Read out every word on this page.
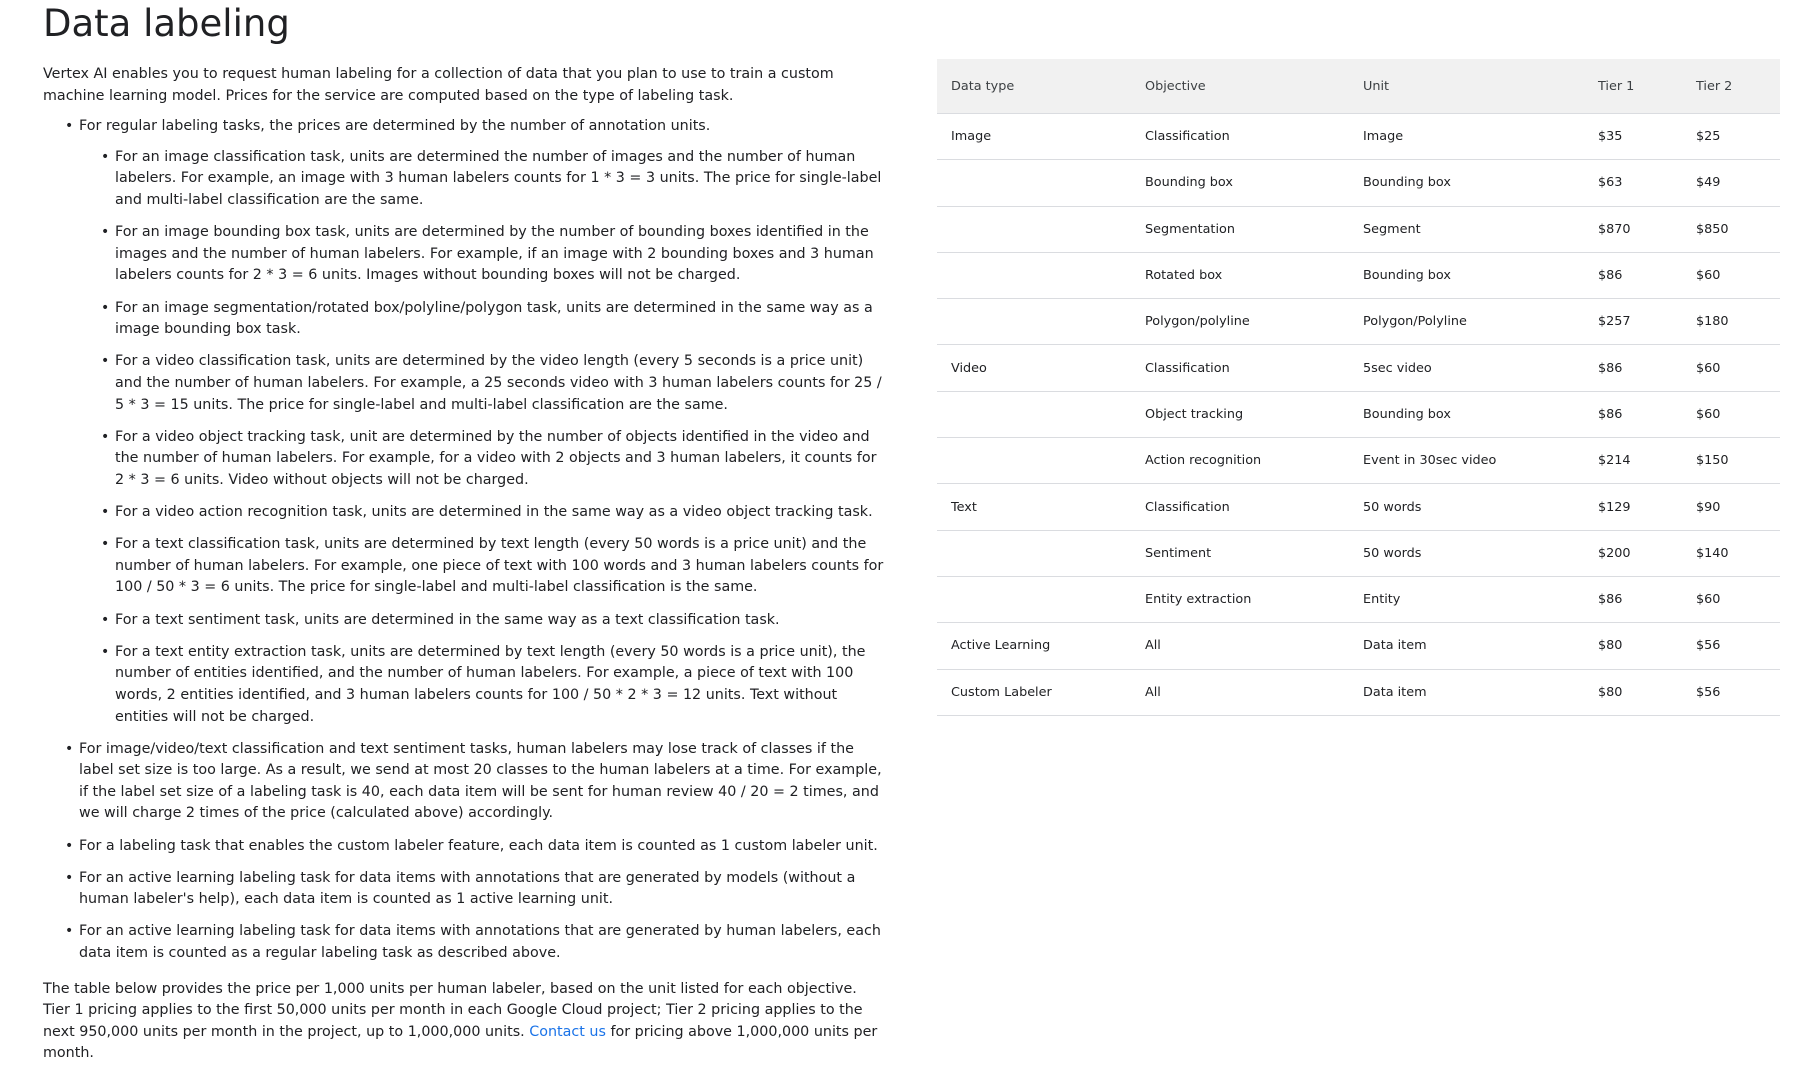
Data labeling

Vertex AI enables you to request human labeling for a collection of data that you plan to use to train a custom machine learning model. Prices for the service are computed based on the type of labeling task.

• For regular labeling tasks, the prices are determined by the number of annotation units.
• For an image classification task, units are determined the number of images and the number of human labelers. For example, an image with 3 human labelers counts for 1 * 3 = 3 units. The price for single-label and multi-label classification are the same.
• For an image bounding box task, units are determined by the number of bounding boxes identified in the images and the number of human labelers. For example, if an image with 2 bounding boxes and 3 human labelers counts for 2 * 3 = 6 units. Images without bounding boxes will not be charged.
• For an image segmentation/rotated box/polyline/polygon task, units are determined in the same way as a image bounding box task.
• For a video classification task, units are determined by the video length (every 5 seconds is a price unit) and the number of human labelers. For example, a 25 seconds video with 3 human labelers counts for 25 / 5 * 3 = 15 units. The price for single-label and multi-label classification are the same.
• For a video object tracking task, unit are determined by the number of objects identified in the video and the number of human labelers. For example, for a video with 2 objects and 3 human labelers, it counts for 2 * 3 = 6 units. Video without objects will not be charged.
• For a video action recognition task, units are determined in the same way as a video object tracking task.
• For a text classification task, units are determined by text length (every 50 words is a price unit) and the number of human labelers. For example, one piece of text with 100 words and 3 human labelers counts for 100 / 50 * 3 = 6 units. The price for single-label and multi-label classification is the same.
• For a text sentiment task, units are determined in the same way as a text classification task.
• For a text entity extraction task, units are determined by text length (every 50 words is a price unit), the number of entities identified, and the number of human labelers. For example, a piece of text with 100 words, 2 entities identified, and 3 human labelers counts for 100 / 50 * 2 * 3 = 12 units. Text without entities will not be charged.
• For image/video/text classification and text sentiment tasks, human labelers may lose track of classes if the label set size is too large. As a result, we send at most 20 classes to the human labelers at a time. For example, if the label set size of a labeling task is 40, each data item will be sent for human review 40 / 20 = 2 times, and we will charge 2 times of the price (calculated above) accordingly.
• For a labeling task that enables the custom labeler feature, each data item is counted as 1 custom labeler unit.
• For an active learning labeling task for data items with annotations that are generated by models (without a human labeler's help), each data item is counted as 1 active learning unit.
• For an active learning labeling task for data items with annotations that are generated by human labelers, each data item is counted as a regular labeling task as described above.

The table below provides the price per 1,000 units per human labeler, based on the unit listed for each objective. Tier 1 pricing applies to the first 50,000 units per month in each Google Cloud project; Tier 2 pricing applies to the next 950,000 units per month in the project, up to 1,000,000 units. Contact us for pricing above 1,000,000 units per month.

Data type	Objective	Unit	Tier 1	Tier 2
Image	Classification	Image	$35	$25
	Bounding box	Bounding box	$63	$49
	Segmentation	Segment	$870	$850
	Rotated box	Bounding box	$86	$60
	Polygon/polyline	Polygon/Polyline	$257	$180
Video	Classification	5sec video	$86	$60
	Object tracking	Bounding box	$86	$60
	Action recognition	Event in 30sec video	$214	$150
Text	Classification	50 words	$129	$90
	Sentiment	50 words	$200	$140
	Entity extraction	Entity	$86	$60
Active Learning	All	Data item	$80	$56
Custom Labeler	All	Data item	$80	$56
